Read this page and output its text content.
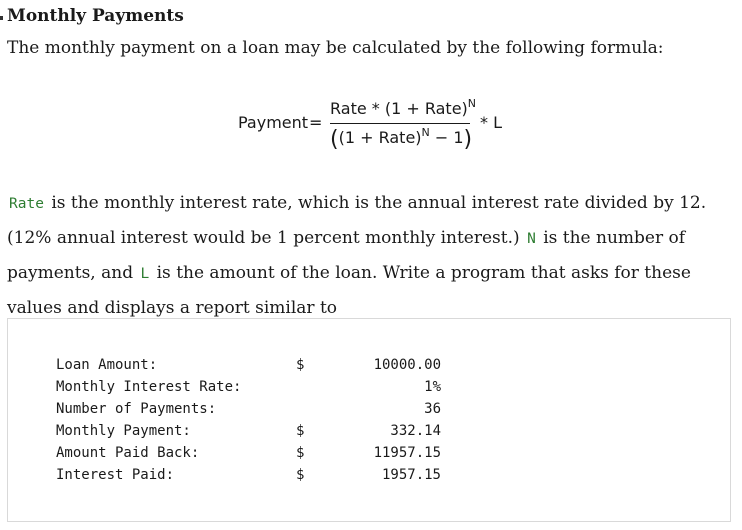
Monthly Payments
The monthly payment on a loan may be calculated by the following formula:
Payment =
Rate * (1 + Rate)$^N$
((1 + Rate)$^N$ − 1)
* L
Rate is the monthly interest rate, which is the annual interest rate divided by 12. (12% annual interest would be 1 percent monthly interest.) N is the number of payments, and L is the amount of the loan. Write a program that asks for these values and displays a report similar to
Loan Amount:	$	10000.00
Monthly Interest Rate:	1%
Number of Payments:	36
Monthly Payment:	$	332.14
Amount Paid Back:	$	11957.15
Interest Paid:	$	1957.15
